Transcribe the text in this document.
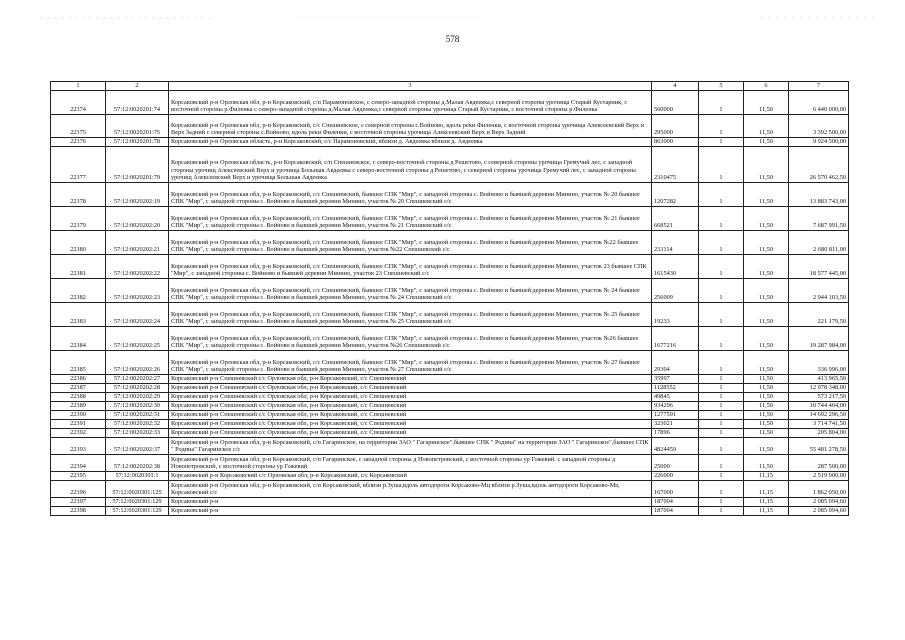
578
1	2	3	4	5	6	7
22374	57:12:0020201:74	Корсаковский р-н Орловская обл, р-н Корсаковский, с/п Парамоновское, с северо-западной стороны д.Малая Авдеевка,с северной стороны урочища Старый Кустарник, с восточной стороны р.Филенка с северо-западной стороны д.Малая Авдеевка,с северной стороны урочища Старый Кустарник, с восточной стороны р.Филенка	560000	1	11,50	6 440 000,00
22375	57:12:0020201:75	Корсаковский р-н Орловская обл, р-н Корсаковский, с/с Спешневское, с северной стороны с.Войново, вдоль реки Филенки, с восточной стороны урочища Алексеевский Верх и Верх Задний с северной стороны с.Войново, вдоль реки Филенки, с восточной стороны урочища Алексеевский Верх и Верх Задний	295000	1	11,50	3 392 500,00
22376	57:12:0020201:78	Корсаковский р-н Орловская область, р-н Корсаковский, с/с Парамоновский, вблизи д. Авдеевка вблизи д. Авдеевка	863000	1	11,50	9 924 500,00
22377	57:12:0020201:79	Корсаковский р-н Орловская область, р-н Корсаковский, с/п Спешневское, с северо-восточной стороны д Решетово, с северной стороны урочища Гремучий лес, с западной стороны урочищ Алексеевский Верх и урочища Большая Авдеевка с северо-восточной стороны д Решетово, с северной стороны урочища Гремучий лес, с западной стороны урочищ Алексеевский Верх и урочища Большая Авдеевка	2310475	1	11,50	26 570 462,50
22378	57:12:0020202:19	Корсаковский р-н Орловская обл, р-н Корсаковский, с/с Спешневский, бывшее СПК "Мир", с западной стороны с. Войново и бывшей деревни Минино, участок № 20 бывшее СПК "Мир", с западной стороны с. Войново и бывшей деревни Минино, участок № 20 Спешневский с/с	1207282	1	11,50	13 883 743,00
22379	57:12:0020202:20	Корсаковский р-н Орловская обл, р-н Корсаковский, с/с Спешневский, бывшее СПК "Мир", с западной стороны с. Войново и бывшей деревни Минино, участок № 21 бывшее СПК "Мир", с западной стороны с. Войново и бывшей деревни Минино, участок № 21 Спешневский с/с	668521	1	11,50	7 687 991,50
22380	57:12:0020202:21	Корсаковский р-н Орловская обл, р-н Корсаковский, с/с Спешневский, бывшее СПК "Мир", с западной стороны с. Войново и бывшей деревни Минино, участок №22 бывшее СПК "Мир", с западной стороны с. Войново и бывшей деревни Минино, участок №22 Спешневский с/с	233114	1	11,50	2 680 811,00
22381	57:12:0020202:22	Корсаковский р-н Орловская обл, р-н Корсаковский, с/с Спешневский, бывшее СПК "Мир", с западной стороны с. Войново и бывшей деревни Минино, участок 23 бывшее СПК "Мир", с западной стороны с. Войново и бывшей деревни Минино, участок 23 Спешневский с/с	1615430	1	11,50	18 577 445,00
22382	57:12:0020202:23	Корсаковский р-н Орловская обл, р-н Корсаковский, с/с Спешневский, бывшее СПК "Мир", с западной стороны с. Войново и бывшей деревни Минино, участок № 24 бывшее СПК "Мир", с западной стороны с. Войново и бывшей деревни Минино, участок № 24 Спешневский с/с	256009	1	11,50	2 944 103,50
22383	57:12:0020202:24	Корсаковский р-н Орловская обл, р-н Корсаковский, с/с Спешневский, бывшее СПК "Мир", с западной стороны с. Войново и бывшей деревни Минино, участок № 25 бывшее СПК "Мир", с западной стороны с. Войново и бывшей деревни Минино, участок № 25 Спешневский с/с	19233	1	11,50	221 179,50
22384	57:12:0020202:25	Корсаковский р-н Орловская обл, р-н Корсаковский, с/с Спешневский, бывшее СПК "Мир", с западной стороны с. Войново и бывшей деревни Минино, участок №26 бывшее СПК "Мир", с западной стороны с. Войново и бывшей деревни Минино, участок №26 Спешневский с/с	1677216	1	11,50	19 287 984,00
22385	57:12:0020202:26	Корсаковский р-н Орловская обл, р-н Корсаковский, с/с Спешневский, бывшее СПК "Мир", с западной стороны с. Войново и бывшей деревни Минино, участок № 27 бывшее СПК "Мир", с западной стороны с. Войново и бывшей деревни Минино, участок № 27 Спешневский с/с	29304	1	11,50	336 996,00
22386	57:12:0020202:27	Корсаковский р-н Спешневский с/с Орловская обл, р-н Корсаковский, с/с Спешневский	35997	1	11,50	413 965,50
22387	57:12:0020202:28	Корсаковский р-н Спешневский с/с Орловская обл, р-н Корсаковский, с/с Спешневский	1128552	1	11,50	12 978 348,00
22388	57:12:0020202:29	Корсаковский р-н Спешневский с/с Орловская обл, р-н Корсаковский, с/с Спешневский	49845	1	11,50	573 217,50
22389	57:12:0020202:30	Корсаковский р-н Спешневский с/с Орловская обл, р-н Корсаковский, с/с Спешневский	934296	1	11,50	10 744 404,00
22390	57:12:0020202:31	Корсаковский р-н Спешневский с/с Орловская обл, р-н Корсаковский, с/с Спешневский	1277591	1	11,50	14 692 296,50
22391	57:12:0020202:32	Корсаковский р-н Спешневский с/с Орловская обл, р-н Корсаковский, с/с Спешневский	323021	1	11,50	3 714 741,50
22392	57:12:0020202:33	Корсаковский р-н Спешневский с/с Орловская обл, р-н Корсаковский, с/с Спешневский	17896	1	11,50	205 804,00
22393	57:12:0020202:37	Корсаковский р-н Орловская обл, р-н Корсаковский, с/п Гагаринское, на территории ЗАО " Гагаринское",бывшее СПК " Родина" на территории ЗАО " Гагаринское",бывшее СПК " Родина" Гагаринское с/с	4824459	1	11,50	55 481 278,50
22394	57:12:0020202:38	Корсаковский р-н Орловская обл, р-н Корсаковский, с/п Гагаринское, с западной стороны д Новопетровский, с восточной стороны ур Гожевий. с западной стороны д Новопетровский, с восточной стороны ур Гожевий	25000	1	11,50	287 500,00
22395	57:12:0020301:1	Корсаковский р-н Корсаковский с/с Орловская обл, р-н Корсаковский, с/с Корсаковский	226000	1	11,15	2 519 900,00
22396	57:12:0020301:125	Корсаковский р-н Орловская обл, р-н Корсаковский, с/п Корсаковский, вблизи р.Зуша,вдоль автодороги Корсаково-Мц вблизи р.Зуша,вдоль автодороги Корсаково-Мц Корсаковский с/с	167000	1	11,15	1 862 050,00
22397	57:12:0020301:129	Корсаковский р-н	187004	1	11,15	2 085 094,60
22398	57:12:0020301:129	Корсаковский р-н	187004	1	11,15	2 085 094,60
